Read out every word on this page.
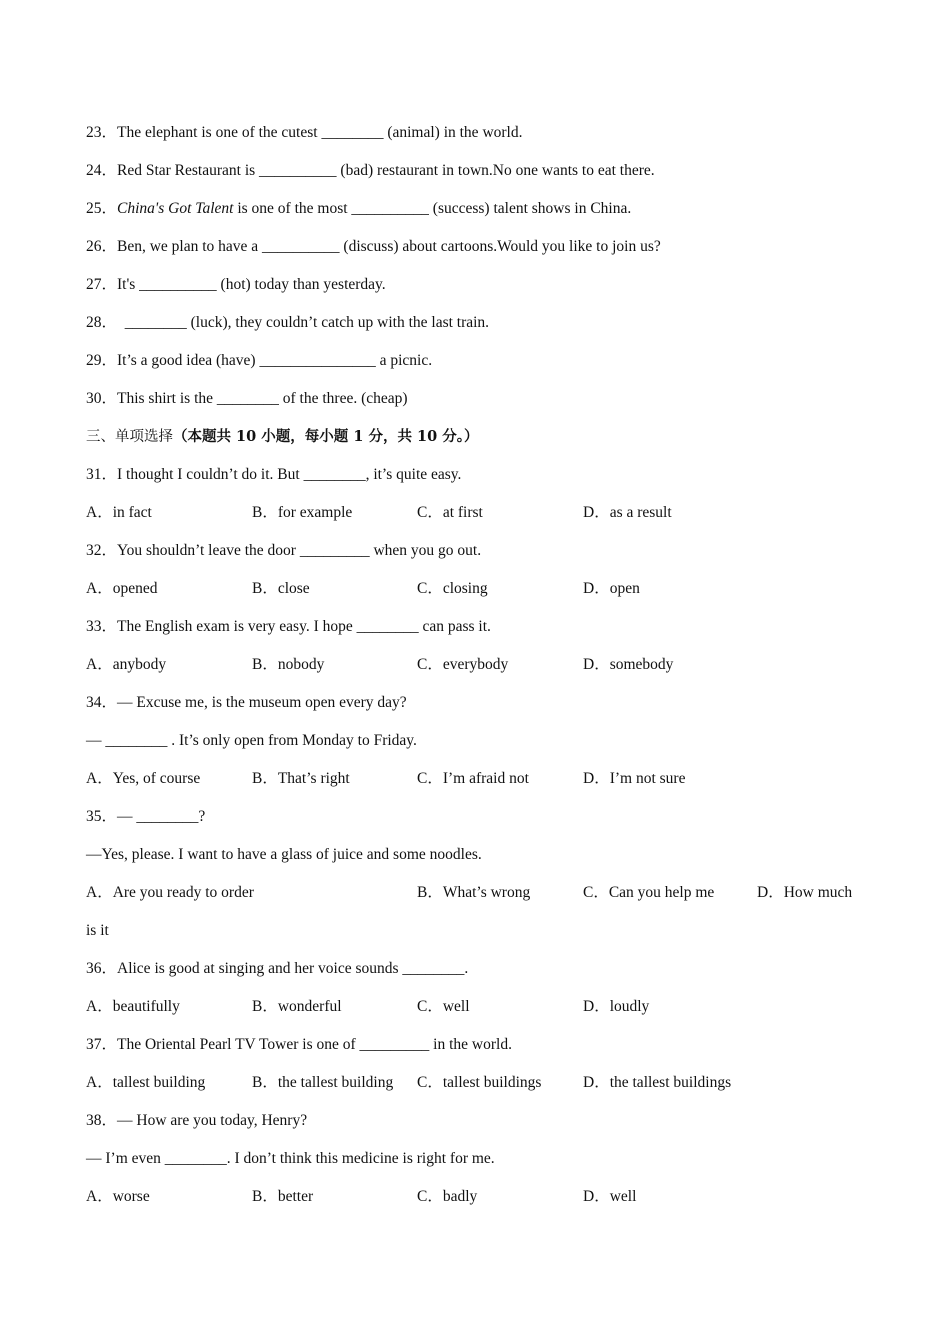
23．The elephant is one of the cutest ________ (animal) in the world.
24．Red Star Restaurant is __________ (bad) restaurant in town.No one wants to eat there.
25．China's Got Talent is one of the most __________ (success) talent shows in China.
26．Ben, we plan to have a __________ (discuss) about cartoons.Would you like to join us?
27．It's __________ (hot) today than yesterday.
28．  ________ (luck), they couldn’t catch up with the last train.
29．It’s a good idea (have) _______________ a picnic.
30．This shirt is the ________ of the three. (cheap)
三、单项选择（本题共 10 小题，每小题 1 分，共 10 分。）
31．I thought I couldn’t do it. But ________, it’s quite easy.
A．in fact	B．for example	C．at first	D．as a result
32．You shouldn’t leave the door _________ when you go out.
A．opened	B．close	C．closing	D．open
33．The English exam is very easy. I hope ________ can pass it.
A．anybody	B．nobody	C．everybody	D．somebody
34．— Excuse me, is the museum open every day?
— ________ . It’s only open from Monday to Friday.
A．Yes, of course	B．That’s right	C．I’m afraid not	D．I’m not sure
35．— ________?
—Yes, please. I want to have a glass of juice and some noodles.
A．Are you ready to order	B．What’s wrong	C．Can you help me	D．How much
is it
36．Alice is good at singing and her voice sounds ________.
A．beautifully	B．wonderful	C．well	D．loudly
37．The Oriental Pearl TV Tower is one of _________ in the world.
A．tallest building	B．the tallest building C．tallest buildings	D．the tallest buildings
38．— How are you today, Henry?
— I’m even ________. I don’t think this medicine is right for me.
A．worse	B．better	C．badly	D．well
